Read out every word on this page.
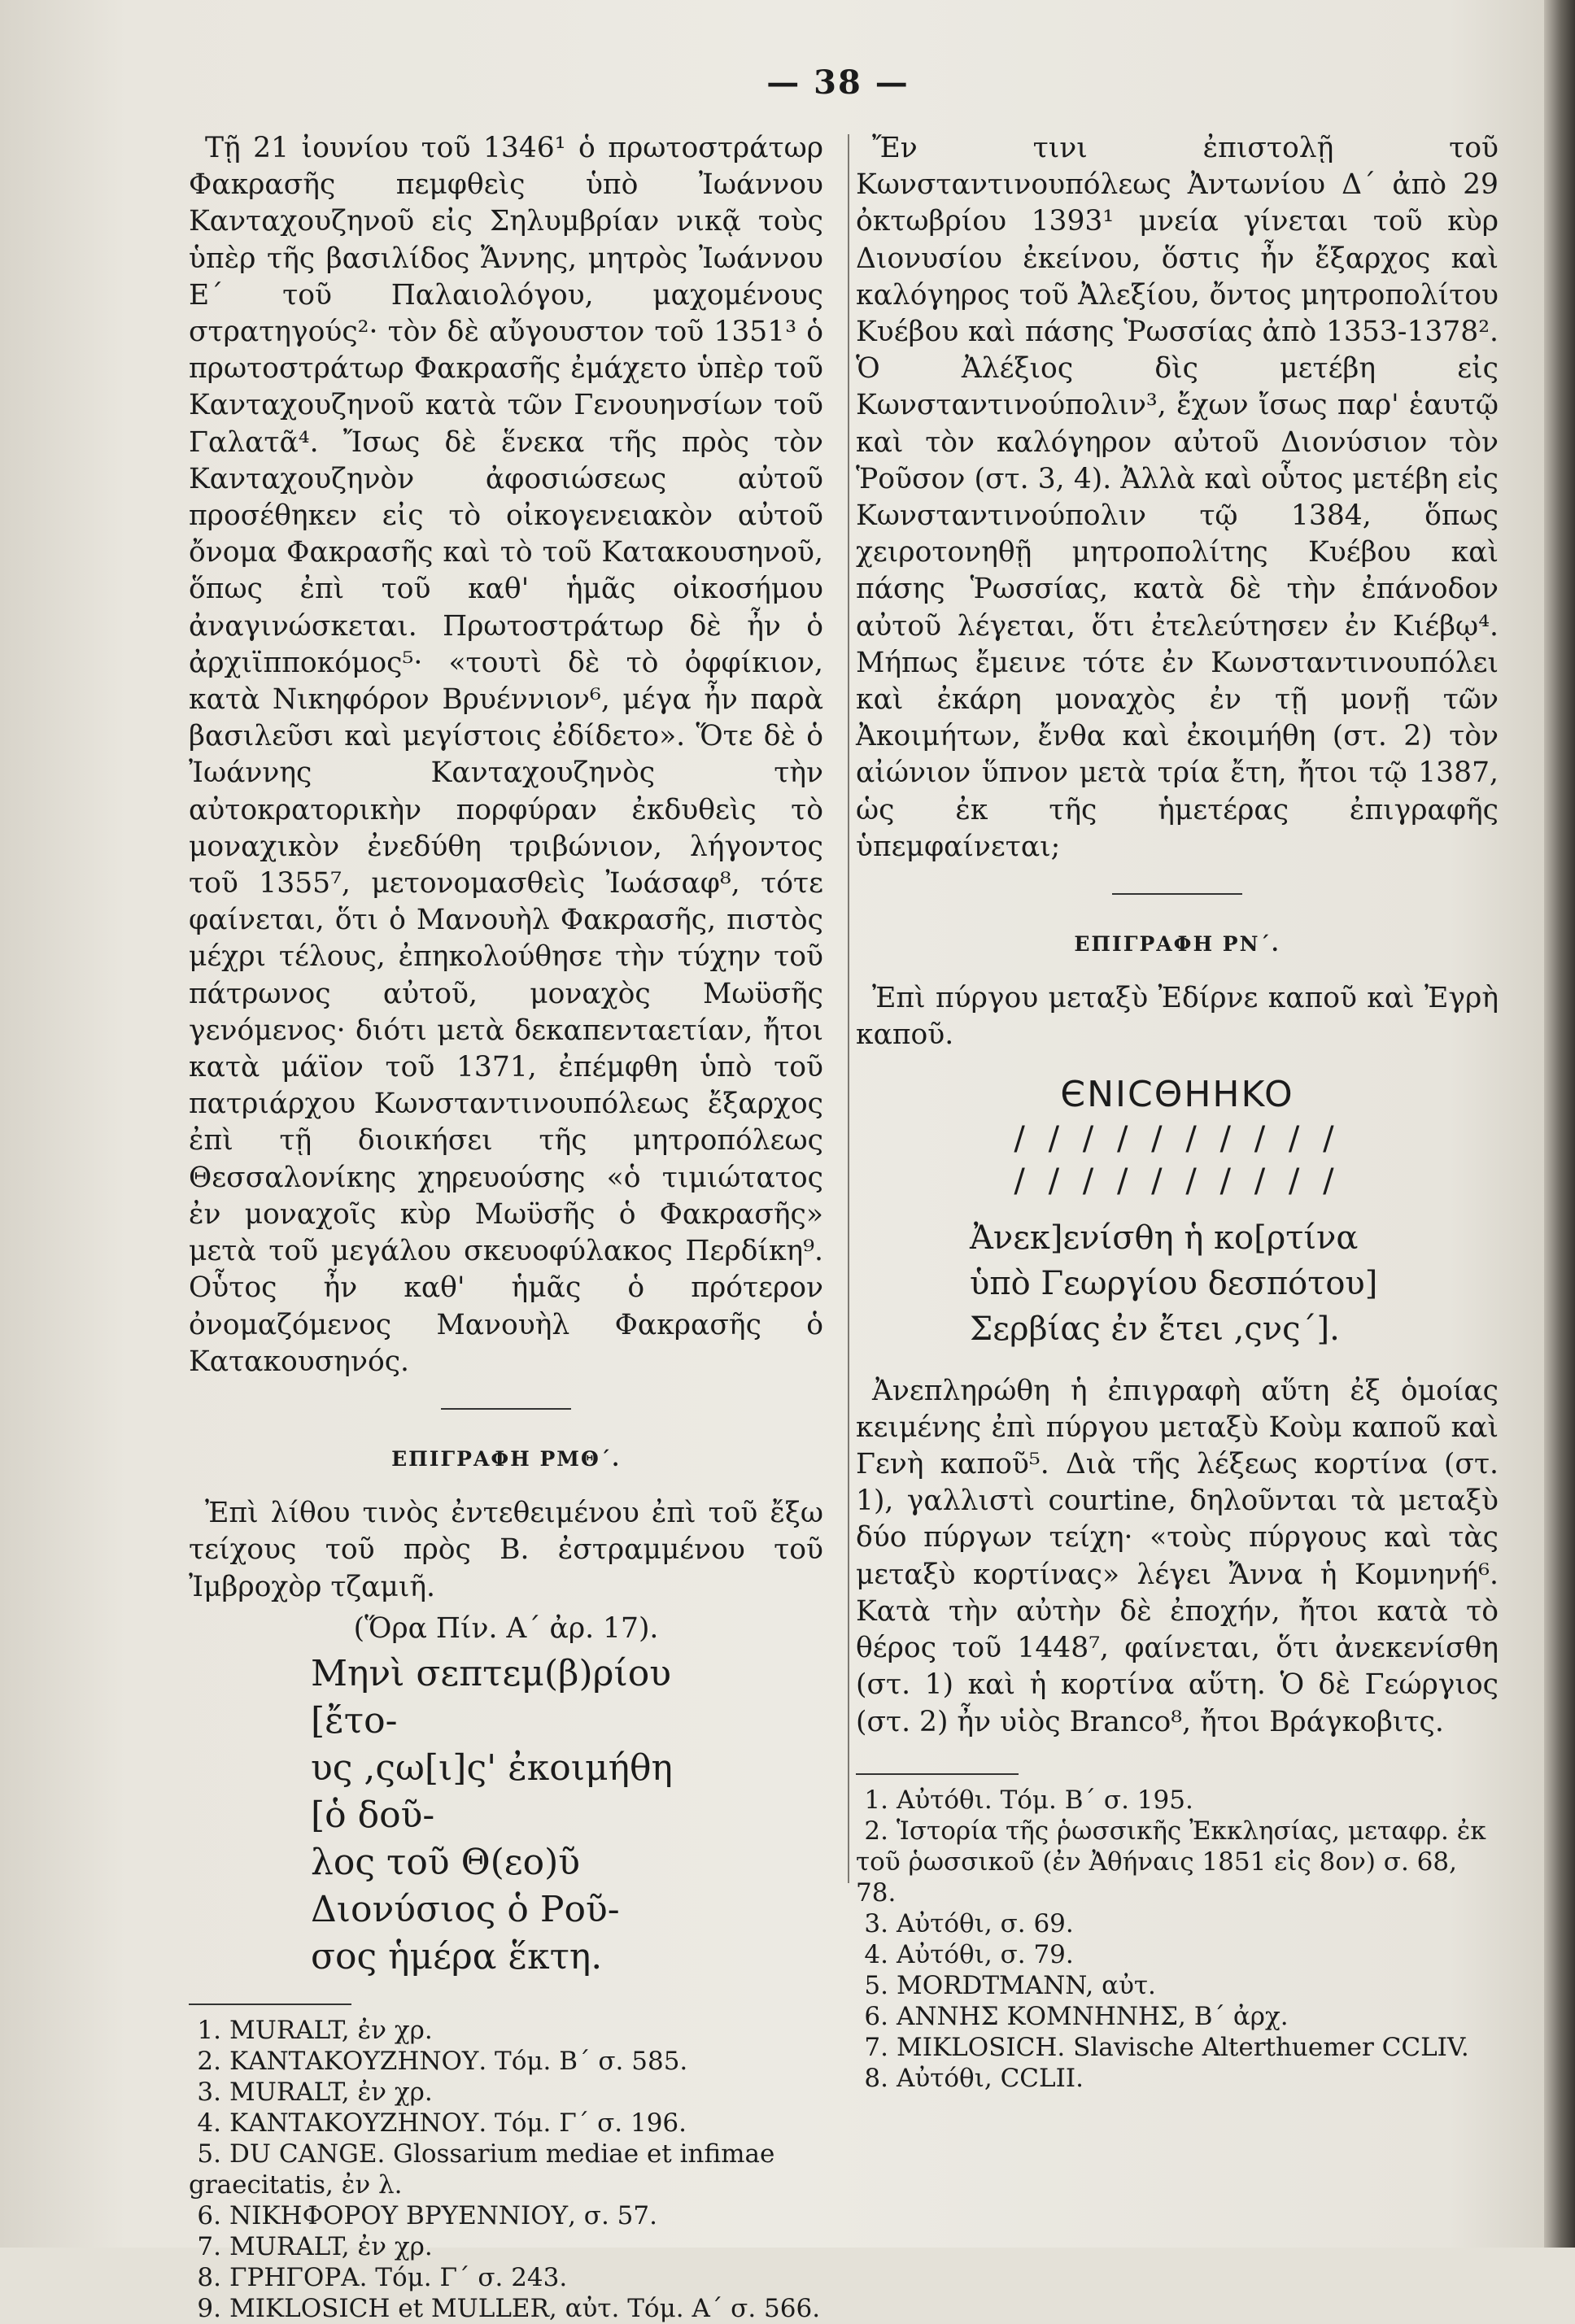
— 38 —

Τῇ 21 ἰουνίου τοῦ 1346¹ ὁ πρωτοστράτωρ Φακρασῆς πεμφθεὶς ὑπὸ Ἰωάννου Κανταχουζηνοῦ εἰς Σηλυμβρίαν νικᾷ τοὺς ὑπὲρ τῆς βασιλίδος Ἄννης, μητρὸς Ἰωάννου Ε΄ τοῦ Παλαιολόγου, μαχομένους στρατηγούς²· τὸν δὲ αὔγουστον τοῦ 1351³ ὁ πρωτοστράτωρ Φακρασῆς ἐμάχετο ὑπὲρ τοῦ Κανταχουζηνοῦ κατὰ τῶν Γενουηνσίων τοῦ Γαλατᾶ⁴. Ἴσως δὲ ἕνεκα τῆς πρὸς τὸν Κανταχουζηνὸν ἀφοσιώσεως αὐτοῦ προσέθηκεν εἰς τὸ οἰκογενειακὸν αὐτοῦ ὄνομα Φακρασῆς καὶ τὸ τοῦ Κατακουσηνοῦ, ὅπως ἐπὶ τοῦ καθ' ἡμᾶς οἰκοσήμου ἀναγινώσκεται. Πρωτοστράτωρ δὲ ἦν ὁ ἀρχιϊπποκόμος⁵· «τουτὶ δὲ τὸ ὀφφίκιον, κατὰ Νικηφόρον Βρυέννιον⁶, μέγα ἦν παρὰ βασιλεῦσι καὶ μεγίστοις ἐδίδετο». Ὅτε δὲ ὁ Ἰωάννης Κανταχουζηνὸς τὴν αὐτοκρατορικὴν πορφύραν ἐκδυθεὶς τὸ μοναχικὸν ἐνεδύθη τριβώνιον, λήγοντος τοῦ 1355⁷, μετονομασθεὶς Ἰωάσαφ⁸, τότε φαίνεται, ὅτι ὁ Μανουὴλ Φακρασῆς, πιστὸς μέχρι τέλους, ἐπηκολούθησε τὴν τύχην τοῦ πάτρωνος αὐτοῦ, μοναχὸς Μωϋσῆς γενόμενος· διότι μετὰ δεκαπενταετίαν, ἤτοι κατὰ μάϊον τοῦ 1371, ἐπέμφθη ὑπὸ τοῦ πατριάρχου Κωνσταντινουπόλεως ἔξαρχος ἐπὶ τῇ διοικήσει τῆς μητροπόλεως Θεσσαλονίκης χηρευούσης «ὁ τιμιώτατος ἐν μοναχοῖς κὺρ Μωϋσῆς ὁ Φακρασῆς» μετὰ τοῦ μεγάλου σκευοφύλακος Περδίκη⁹. Οὗτος ἦν καθ' ἡμᾶς ὁ πρότερον ὀνομαζόμενος Μανουὴλ Φακρασῆς ὁ Κατακουσηνός.

ΕΠΙΓΡΑΦΗ ΡΜΘ΄.

Ἐπὶ λίθου τινὸς ἐντεθειμένου ἐπὶ τοῦ ἔξω τείχους τοῦ πρὸς Β. ἐστραμμένου τοῦ Ἰμβροχὸρ τζαμιῆ.

(Ὅρα Πίν. Α΄ ἀρ. 17).
Μηνὶ σεπτεμ(β)ρίου [ἔτο-
υς ,ςω[ι]ς' ἐκοιμήθη [ὁ δοῦ-
λος τοῦ Θ(εο)ῦ Διονύσιος ὁ Ροῦ-
σος ἡμέρα ἕκτη.
1. MURALT, ἐν χρ.
2. ΚΑΝΤΑΚΟΥΖΗΝΟΥ. Τόμ. Β΄ σ. 585.
3. MURALT, ἐν χρ.
4. ΚΑΝΤΑΚΟΥΖΗΝΟΥ. Τόμ. Γ΄ σ. 196.
5. DU CANGE. Glossarium mediae et infimae graecitatis, ἐν λ.
6. ΝΙΚΗΦΟΡΟΥ ΒΡΥΕΝΝΙΟΥ, σ. 57.
7. MURALT, ἐν χρ.
8. ΓΡΗΓΟΡΑ. Τόμ. Γ΄ σ. 243.
9. MIKLOSICH et MULLER, αὐτ. Τόμ. Α΄ σ. 566.

Ἔν τινι ἐπιστολῇ τοῦ Κωνσταντινουπόλεως Ἀντωνίου Δ΄ ἀπὸ 29 ὀκτωβρίου 1393¹ μνεία γίνεται τοῦ κὺρ Διονυσίου ἐκείνου, ὅστις ἦν ἔξαρχος καὶ καλόγηρος τοῦ Ἀλεξίου, ὄντος μητροπολίτου Κυέβου καὶ πάσης Ῥωσσίας ἀπὸ 1353-1378². Ὁ Ἀλέξιος δὶς μετέβη εἰς Κωνσταντινούπολιν³, ἔχων ἴσως παρ' ἑαυτῷ καὶ τὸν καλόγηρον αὐτοῦ Διονύσιον τὸν Ῥοῦσον (στ. 3, 4). Ἀλλὰ καὶ οὗτος μετέβη εἰς Κωνσταντινούπολιν τῷ 1384, ὅπως χειροτονηθῇ μητροπολίτης Κυέβου καὶ πάσης Ῥωσσίας, κατὰ δὲ τὴν ἐπάνοδον αὐτοῦ λέγεται, ὅτι ἐτελεύτησεν ἐν Κιέβῳ⁴. Μήπως ἔμεινε τότε ἐν Κωνσταντινουπόλει καὶ ἐκάρη μοναχὸς ἐν τῇ μονῇ τῶν Ἀκοιμήτων, ἔνθα καὶ ἐκοιμήθη (στ. 2) τὸν αἰώνιον ὕπνον μετὰ τρία ἔτη, ἤτοι τῷ 1387, ὡς ἐκ τῆς ἡμετέρας ἐπιγραφῆς ὑπεμφαίνεται;

ΕΠΙΓΡΑΦΗ ΡΝ΄.

Ἐπὶ πύργου μεταξὺ Ἐδίρνε καποῦ καὶ Ἐγρὴ καποῦ.

ЄNICΘHHKO
/ / / / / / / / / /
/ / / / / / / / / /
Ἀνεκ]ενίσθη ἡ κο[ρτίνα
ὑπὸ Γεωργίου δεσπότου]
Σερβίας ἐν ἔτει ,ςνς΄].

Ἀνεπληρώθη ἡ ἐπιγραφὴ αὕτη ἐξ ὁμοίας κειμένης ἐπὶ πύργου μεταξὺ Κοὺμ καποῦ καὶ Γενὴ καποῦ⁵. Διὰ τῆς λέξεως κορτίνα (στ. 1), γαλλιστὶ courtine, δηλοῦνται τὰ μεταξὺ δύο πύργων τείχη· «τοὺς πύργους καὶ τὰς μεταξὺ κορτίνας» λέγει Ἄννα ἡ Κομνηνή⁶. Κατὰ τὴν αὐτὴν δὲ ἐποχήν, ἤτοι κατὰ τὸ θέρος τοῦ 1448⁷, φαίνεται, ὅτι ἀνεκενίσθη (στ. 1) καὶ ἡ κορτίνα αὕτη. Ὁ δὲ Γεώργιος (στ. 2) ἦν υἱὸς Branco⁸, ἤτοι Βράγκοβιτς.

1. Αὐτόθι. Τόμ. Β΄ σ. 195.
2. Ἱστορία τῆς ῥωσσικῆς Ἐκκλησίας, μεταφρ. ἐκ τοῦ ῥωσσικοῦ (ἐν Ἀθήναις 1851 εἰς 8ον) σ. 68, 78.
3. Αὐτόθι, σ. 69.
4. Αὐτόθι, σ. 79.
5. MORDTMANN, αὐτ.
6. ΑΝΝΗΣ ΚΟΜΝΗΝΗΣ, Β΄ ἀρχ.
7. MIKLOSICH. Slavische Alterthuemer CCLIV.
8. Αὐτόθι, CCLII.
